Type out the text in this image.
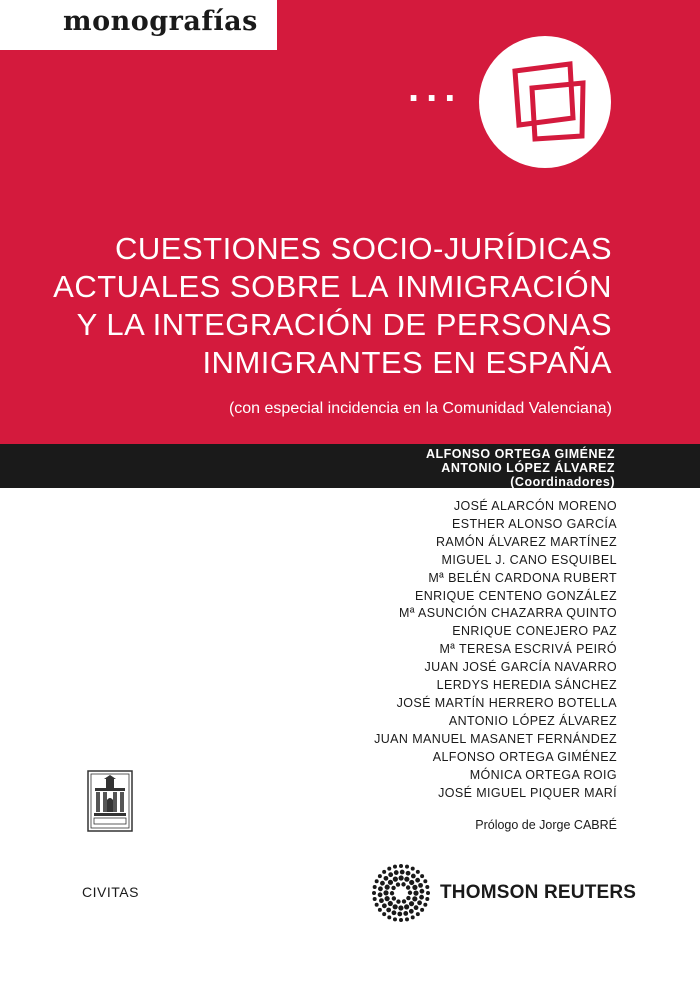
monografías
...
CUESTIONES SOCIO-JURÍDICAS
ACTUALES SOBRE LA INMIGRACIÓN
Y LA INTEGRACIÓN DE PERSONAS
INMIGRANTES EN ESPAÑA
(con especial incidencia en la Comunidad Valenciana)
ALFONSO ORTEGA GIMÉNEZ
ANTONIO LÓPEZ ÁLVAREZ
(Coordinadores)
JOSÉ ALARCÓN MORENO
ESTHER ALONSO GARCÍA
RAMÓN ÁLVAREZ MARTÍNEZ
MIGUEL J. CANO ESQUIBEL
Mª BELÉN CARDONA RUBERT
ENRIQUE CENTENO GONZÁLEZ
Mª ASUNCIÓN CHAZARRA QUINTO
ENRIQUE CONEJERO PAZ
Mª TERESA ESCRIVÁ PEIRÓ
JUAN JOSÉ GARCÍA NAVARRO
LERDYS HEREDIA SÁNCHEZ
JOSÉ MARTÍN HERRERO BOTELLA
ANTONIO LÓPEZ ÁLVAREZ
JUAN MANUEL MASANET FERNÁNDEZ
ALFONSO ORTEGA GIMÉNEZ
MÓNICA ORTEGA ROIG
JOSÉ MIGUEL PIQUER MARÍ
Prólogo de Jorge CABRÉ
CIVITAS	THOMSON REUTERS
